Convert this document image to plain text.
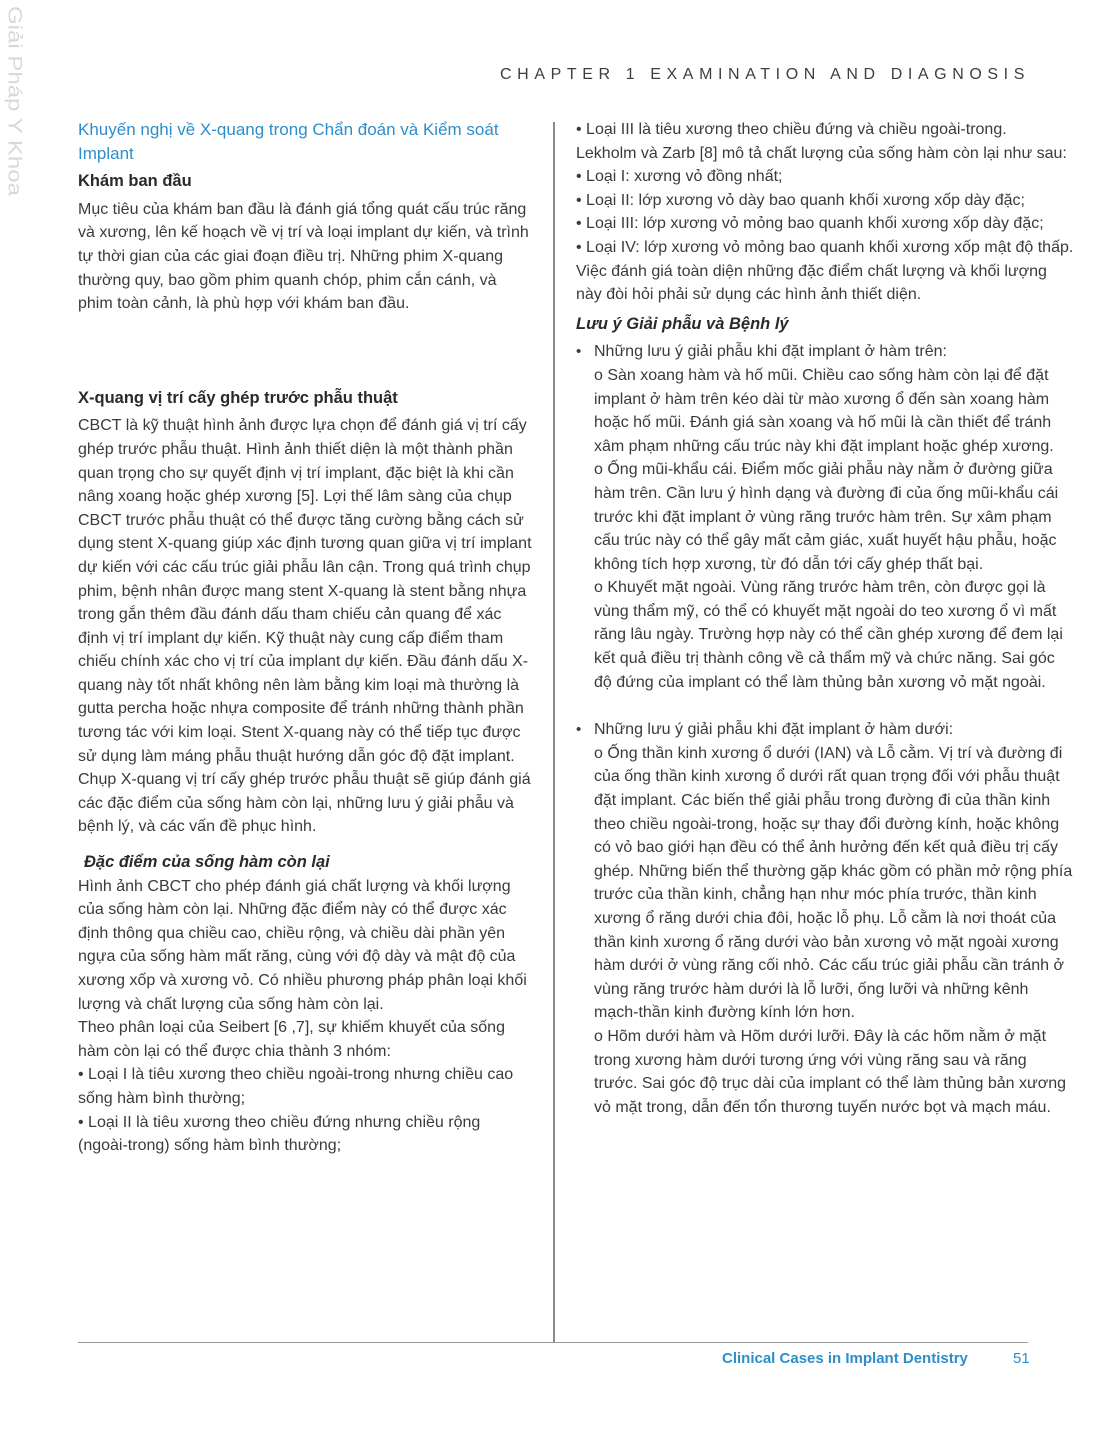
Giải Pháp Y Khoa	CHAPTER 1 EXAMINATION AND DIAGNOSIS

Khuyến nghị về X-quang trong Chẩn đoán và Kiểm soát Implant

Khám ban đầu

Mục tiêu của khám ban đầu là đánh giá tổng quát cấu trúc răng và xương, lên kế hoạch về vị trí và loại implant dự kiến, và trình tự thời gian của các giai đoạn điều trị. Những phim X-quang thường quy, bao gồm phim quanh chóp, phim cắn cánh, và phim toàn cảnh, là phù hợp với khám ban đầu.

X-quang vị trí cấy ghép trước phẫu thuật

CBCT là kỹ thuật hình ảnh được lựa chọn để đánh giá vị trí cấy ghép trước phẫu thuật. Hình ảnh thiết diện là một thành phần quan trọng cho sự quyết định vị trí implant, đặc biệt là khi cần nâng xoang hoặc ghép xương [5]. Lợi thế lâm sàng của chụp CBCT trước phẫu thuật có thể được tăng cường bằng cách sử dụng stent X-quang giúp xác định tương quan giữa vị trí implant dự kiến với các cấu trúc giải phẫu lân cận. Trong quá trình chụp phim, bệnh nhân được mang stent X-quang là stent bằng nhựa trong gắn thêm đầu đánh dấu tham chiếu cản quang để xác định vị trí implant dự kiến. Kỹ thuật này cung cấp điểm tham chiếu chính xác cho vị trí của implant dự kiến. Đầu đánh dấu X-quang này tốt nhất không nên làm bằng kim loại mà thường là gutta percha hoặc nhựa composite để tránh những thành phần tương tác với kim loại. Stent X-quang này có thể tiếp tục được sử dụng làm máng phẫu thuật hướng dẫn góc độ đặt implant. Chụp X-quang vị trí cấy ghép trước phẫu thuật sẽ giúp đánh giá các đặc điểm của sống hàm còn lại, những lưu ý giải phẫu và bệnh lý, và các vấn đề phục hình.

Đặc điểm của sống hàm còn lại

Hình ảnh CBCT cho phép đánh giá chất lượng và khối lượng của sống hàm còn lại. Những đặc điểm này có thể được xác định thông qua chiều cao, chiều rộng, và chiều dài phần yên ngựa của sống hàm mất răng, cùng với độ dày và mật độ của xương xốp và xương vỏ. Có nhiều phương pháp phân loại khối lượng và chất lượng của sống hàm còn lại.

Theo phân loại của Seibert [6 ,7], sự khiếm khuyết của sống hàm còn lại có thể được chia thành 3 nhóm:

• Loại I là tiêu xương theo chiều ngoài-trong nhưng chiều cao sống hàm bình thường;

• Loại II là tiêu xương theo chiều đứng nhưng chiều rộng (ngoài-trong) sống hàm bình thường;

• Loại III là tiêu xương theo chiều đứng và chiều ngoài-trong.

Lekholm và Zarb [8] mô tả chất lượng của sống hàm còn lại như sau:

• Loại I: xương vỏ đồng nhất;

• Loại II: lớp xương vỏ dày bao quanh khối xương xốp dày đặc;

• Loại III: lớp xương vỏ mỏng bao quanh khối xương xốp dày đặc;

• Loại IV: lớp xương vỏ mỏng bao quanh khối xương xốp mật độ thấp.

Việc đánh giá toàn diện những đặc điểm chất lượng và khối lượng này đòi hỏi phải sử dụng các hình ảnh thiết diện.

Lưu ý Giải phẫu và Bệnh lý

• Những lưu ý giải phẫu khi đặt implant ở hàm trên:

o Sàn xoang hàm và hố mũi. Chiều cao sống hàm còn lại để đặt implant ở hàm trên kéo dài từ mào xương ổ đến sàn xoang hàm hoặc hố mũi. Đánh giá sàn xoang và hố mũi là cần thiết để tránh xâm phạm những cấu trúc này khi đặt implant hoặc ghép xương.

o Ống mũi-khẩu cái. Điểm mốc giải phẫu này nằm ở đường giữa hàm trên. Cần lưu ý hình dạng và đường đi của ống mũi-khẩu cái trước khi đặt implant ở vùng răng trước hàm trên. Sự xâm phạm cấu trúc này có thể gây mất cảm giác, xuất huyết hậu phẫu, hoặc không tích hợp xương, từ đó dẫn tới cấy ghép thất bại.

o Khuyết mặt ngoài. Vùng răng trước hàm trên, còn được gọi là vùng thẩm mỹ, có thể có khuyết mặt ngoài do teo xương ổ vì mất răng lâu ngày. Trường hợp này có thể cần ghép xương để đem lại kết quả điều trị thành công về cả thẩm mỹ và chức năng. Sai góc độ đứng của implant có thể làm thủng bản xương vỏ mặt ngoài.

• Những lưu ý giải phẫu khi đặt implant ở hàm dưới:

o Ống thần kinh xương ổ dưới (IAN) và Lỗ cằm. Vị trí và đường đi của ống thần kinh xương ổ dưới rất quan trọng đối với phẫu thuật đặt implant. Các biến thể giải phẫu trong đường đi của thần kinh theo chiều ngoài-trong, hoặc sự thay đổi đường kính, hoặc không có vỏ bao giới hạn đều có thể ảnh hưởng đến kết quả điều trị cấy ghép. Những biến thể thường gặp khác gồm có phần mở rộng phía trước của thần kinh, chẳng hạn như móc phía trước, thần kinh xương ổ răng dưới chia đôi, hoặc lỗ phụ. Lỗ cằm là nơi thoát của thần kinh xương ổ răng dưới vào bản xương vỏ mặt ngoài xương hàm dưới ở vùng răng cối nhỏ. Các cấu trúc giải phẫu cần tránh ở vùng răng trước hàm dưới là lỗ lưỡi, ống lưỡi và những kênh mạch-thần kinh đường kính lớn hơn.

o Hõm dưới hàm và Hõm dưới lưỡi. Đây là các hõm nằm ở mặt trong xương hàm dưới tương ứng với vùng răng sau và răng trước. Sai góc độ trục dài của implant có thể làm thủng bản xương vỏ mặt trong, dẫn đến tổn thương tuyến nước bọt và mạch máu.

Clinical Cases in Implant Dentistry	51
